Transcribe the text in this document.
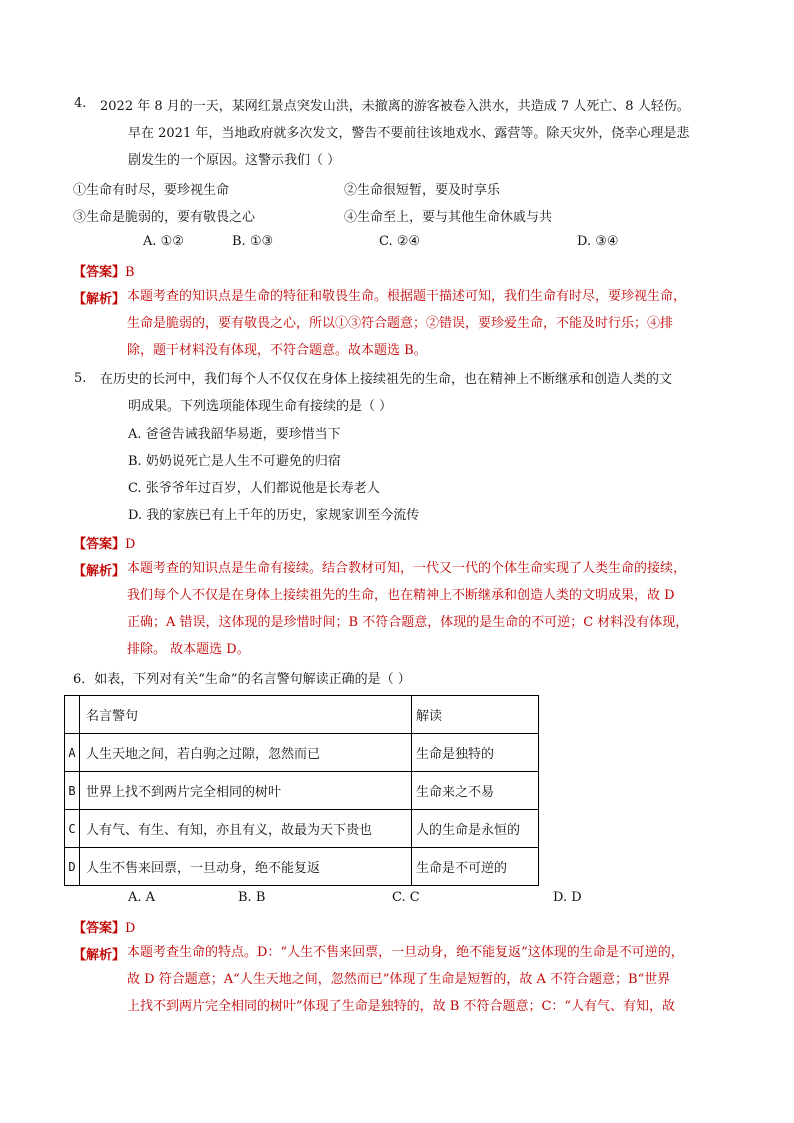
4. 2022 年 8 月的一天，某网红景点突发山洪，未撤离的游客被卷入洪水，共造成 7 人死亡、8 人轻伤。
早在 2021 年，当地政府就多次发文，警告不要前往该地戏水、露营等。除天灾外，侥幸心理是悲
剧发生的一个原因。这警示我们（ ）
①生命有时尽，要珍视生命	②生命很短暂，要及时享乐
③生命是脆弱的，要有敬畏之心	④生命至上，要与其他生命休戚与共
A. ①②	B. ①③	C. ②④	D. ③④
【答案】B
【解析】 本题考查的知识点是生命的特征和敬畏生命。根据题干描述可知，我们生命有时尽，要珍视生命，
生命是脆弱的，要有敬畏之心，所以①③符合题意；②错误，要珍爱生命，不能及时行乐；④排
除，题干材料没有体现，不符合题意。故本题选 B。
5. 在历史的长河中，我们每个人不仅仅在身体上接续祖先的生命，也在精神上不断继承和创造人类的文
明成果。下列选项能体现生命有接续的是（ ）
A. 爸爸告诫我韶华易逝，要珍惜当下
B. 奶奶说死亡是人生不可避免的归宿
C. 张爷爷年过百岁，人们都说他是长寿老人
D. 我的家族已有上千年的历史，家规家训至今流传
【答案】D
【解析】 本题考查的知识点是生命有接续。结合教材可知，一代又一代的个体生命实现了人类生命的接续，
我们每个人不仅是在身体上接续祖先的生命，也在精神上不断继承和创造人类的文明成果，故 D
正确；A 错误，这体现的是珍惜时间；B 不符合题意，体现的是生命的不可逆；C 材料没有体现，
排除。 故本题选 D。
6．如表，下列对有关“生命”的名言警句解读正确的是（ ）
	名言警句	解读
A	人生天地之间，若白驹之过隙，忽然而已	生命是独特的
B	世界上找不到两片完全相同的树叶	生命来之不易
C	人有气、有生、有知，亦且有义，故最为天下贵也	人的生命是永恒的
D	人生不售来回票，一旦动身，绝不能复返	生命是不可逆的
A. A	B. B	C. C	D. D
【答案】D
【解析】 本题考查生命的特点。D：“人生不售来回票，一旦动身，绝不能复返”这体现的生命是不可逆的，
故 D 符合题意；A“人生天地之间，忽然而已”体现了生命是短暂的，故 A 不符合题意；B“世界
上找不到两片完全相同的树叶”体现了生命是独特的，故 B 不符合题意；C：“人有气、有知，故
